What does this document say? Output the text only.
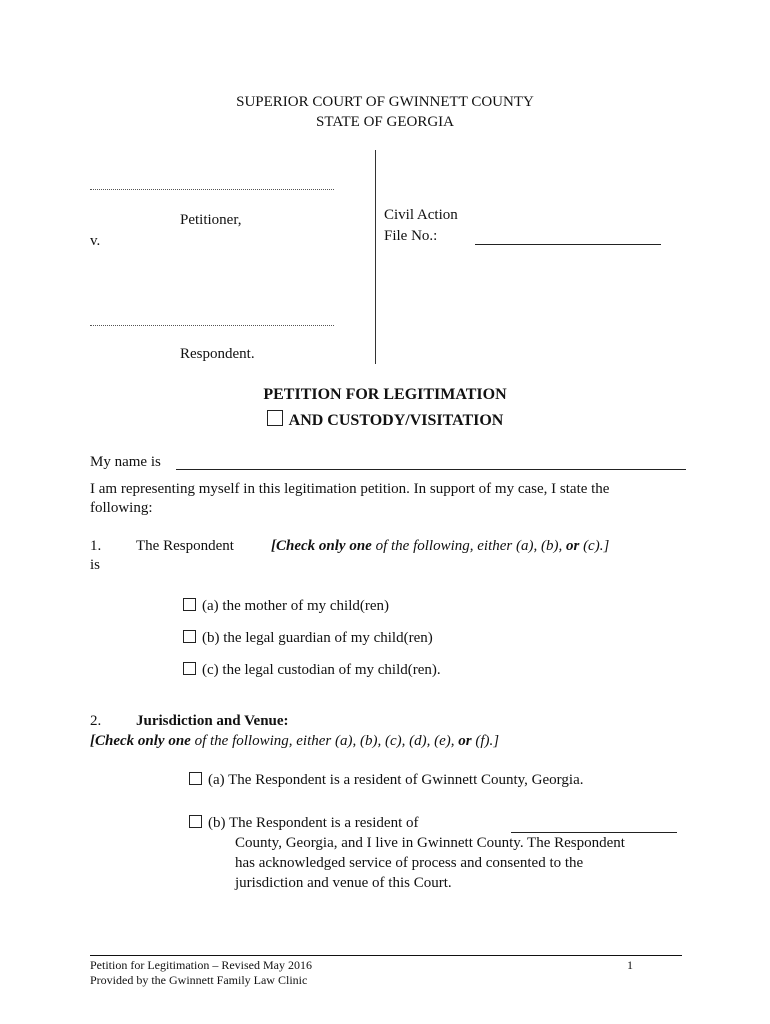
SUPERIOR COURT OF GWINNETT COUNTY
STATE OF GEORGIA
Petitioner,
v.
Respondent.
Civil Action
File No.:
PETITION FOR LEGITIMATION
AND CUSTODY/VISITATION
My name is
I am representing myself in this legitimation petition. In support of my case, I state the
following:
1. The Respondent [Check only one of the following, either (a), (b), or (c).]
is
(a) the mother of my child(ren)
(b) the legal guardian of my child(ren)
(c) the legal custodian of my child(ren).
2. Jurisdiction and Venue:
[Check only one of the following, either (a), (b), (c), (d), (e), or (f).]
(a) The Respondent is a resident of Gwinnett County, Georgia.
(b) The Respondent is a resident of
County, Georgia, and I live in Gwinnett County. The Respondent
has acknowledged service of process and consented to the
jurisdiction and venue of this Court.
Petition for Legitimation – Revised May 2016
Provided by the Gwinnett Family Law Clinic
1
